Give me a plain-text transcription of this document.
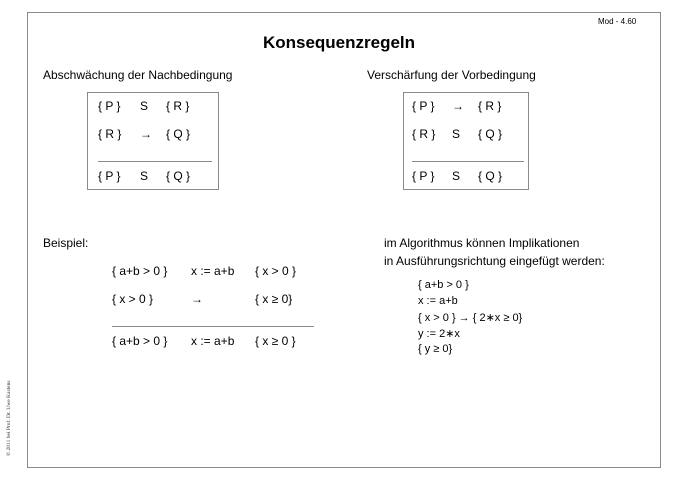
Mod - 4.60
Konsequenzregeln
Abschwächung der Nachbedingung
{ P } S { R }
{ R } → { Q }
{ P } S { Q }
Verschärfung der Vorbedingung
{ P } → { R }
{ R } S { Q }
{ P } S { Q }
Beispiel:
{ a+b > 0 } x := a+b { x > 0 }
{ x > 0 }	→	{ x ≥ 0}
{ a+b > 0 } x := a+b { x ≥ 0 }
im Algorithmus können Implikationen
in Ausführungsrichtung eingefügt werden:
{ a+b > 0 }
x := a+b
{ x > 0 } → { 2∗x ≥ 0}
y := 2∗x
{ y ≥ 0}
© 2011 bei Prof. Dr. Uwe Kastens
